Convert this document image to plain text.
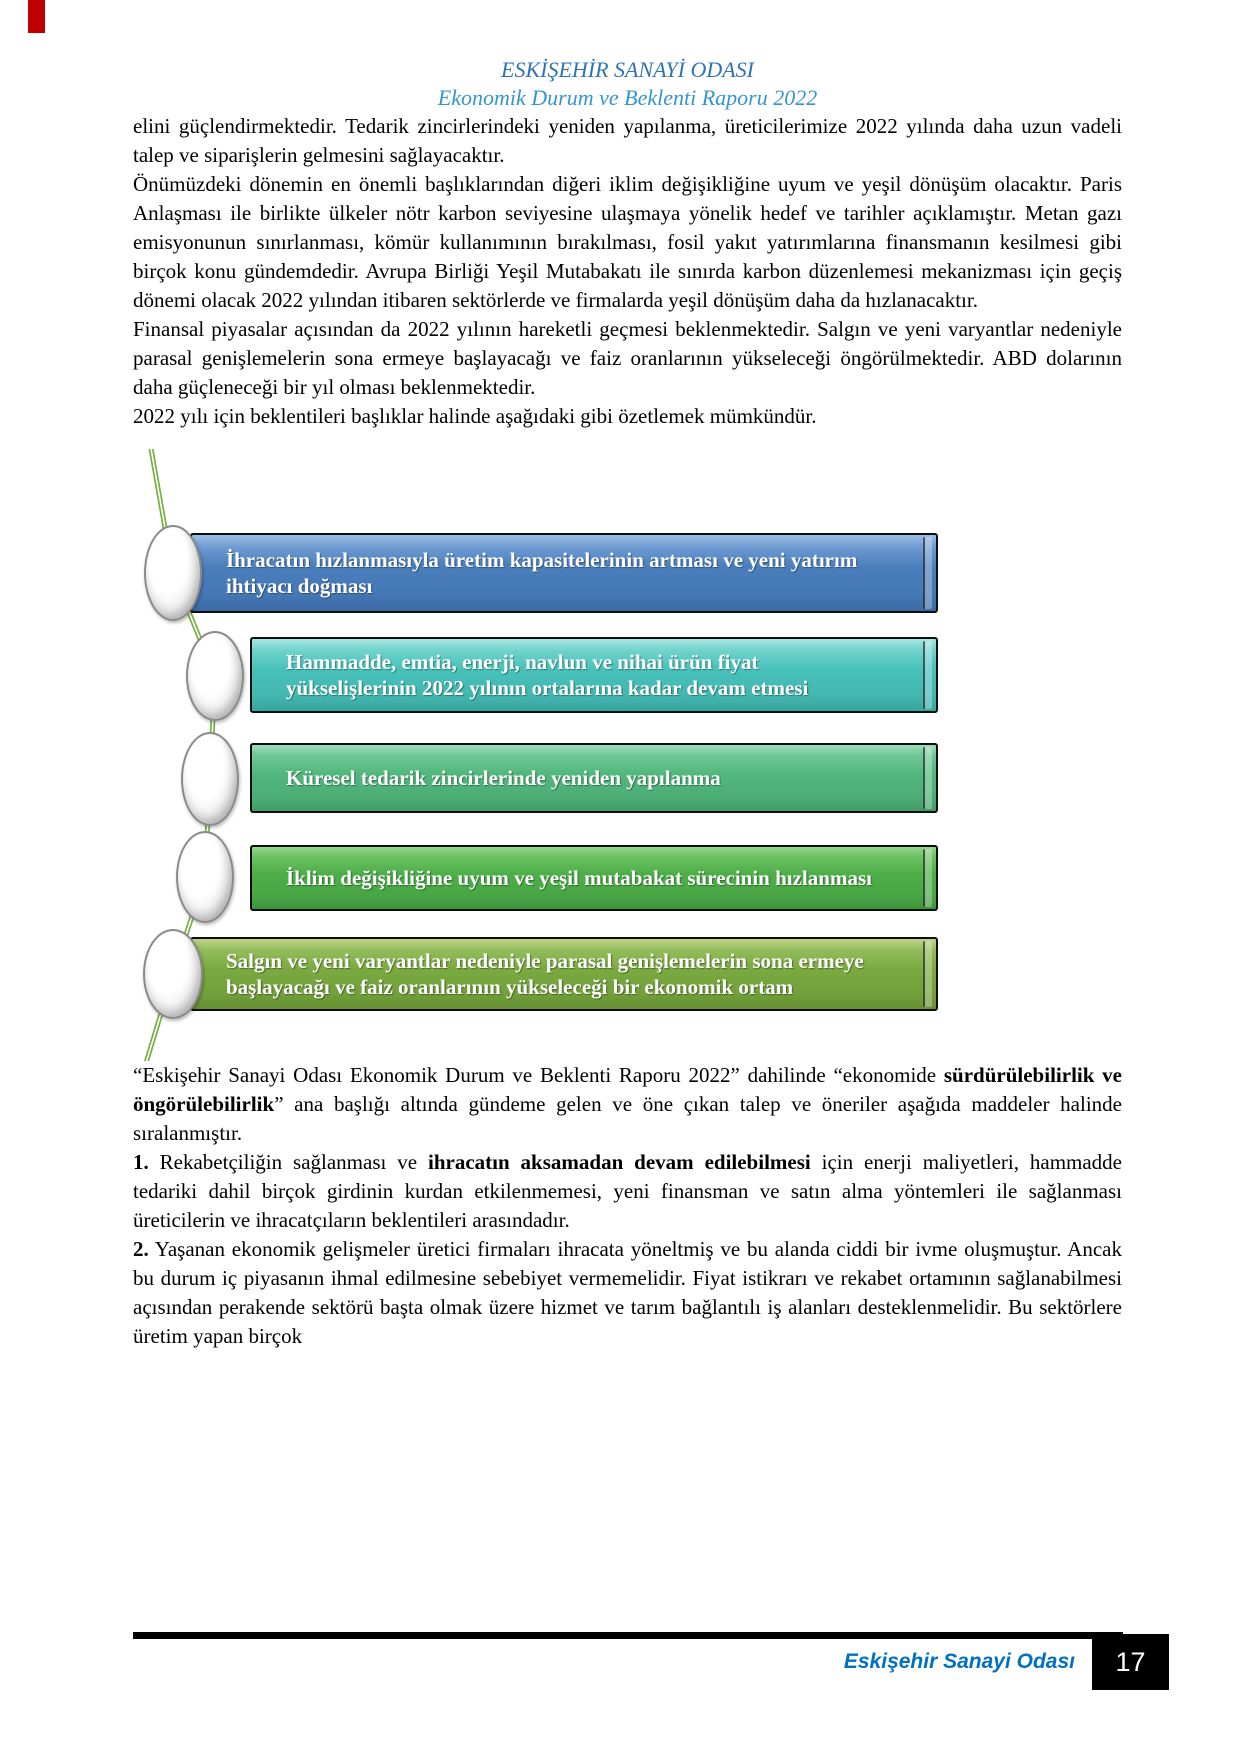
ESKİŞEHİR SANAYİ ODASI
Ekonomik Durum ve Beklenti Raporu 2022

elini güçlendirmektedir. Tedarik zincirlerindeki yeniden yapılanma, üreticilerimize 2022 yılında daha uzun vadeli talep ve siparişlerin gelmesini sağlayacaktır.

Önümüzdeki dönemin en önemli başlıklarından diğeri iklim değişikliğine uyum ve yeşil dönüşüm olacaktır. Paris Anlaşması ile birlikte ülkeler nötr karbon seviyesine ulaşmaya yönelik hedef ve tarihler açıklamıştır. Metan gazı emisyonunun sınırlanması, kömür kullanımının bırakılması, fosil yakıt yatırımlarına finansmanın kesilmesi gibi birçok konu gündemdedir. Avrupa Birliği Yeşil Mutabakatı ile sınırda karbon düzenlemesi mekanizması için geçiş dönemi olacak 2022 yılından itibaren sektörlerde ve firmalarda yeşil dönüşüm daha da hızlanacaktır.

Finansal piyasalar açısından da 2022 yılının hareketli geçmesi beklenmektedir. Salgın ve yeni varyantlar nedeniyle parasal genişlemelerin sona ermeye başlayacağı ve faiz oranlarının yükseleceği öngörülmektedir. ABD dolarının daha güçleneceği bir yıl olması beklenmektedir.

2022 yılı için beklentileri başlıklar halinde aşağıdaki gibi özetlemek mümkündür.

İhracatın hızlanmasıyla üretim kapasitelerinin artması ve yeni yatırım ihtiyacı doğması
Hammadde, emtia, enerji, navlun ve nihai ürün fiyat yükselişlerinin 2022 yılının ortalarına kadar devam etmesi
Küresel tedarik zincirlerinde yeniden yapılanma
İklim değişikliğine uyum ve yeşil mutabakat sürecinin hızlanması
Salgın ve yeni varyantlar nedeniyle parasal genişlemelerin sona ermeye başlayacağı ve faiz oranlarının yükseleceği bir ekonomik ortam

“Eskişehir Sanayi Odası Ekonomik Durum ve Beklenti Raporu 2022” dahilinde “ekonomide sürdürülebilirlik ve öngörülebilirlik” ana başlığı altında gündeme gelen ve öne çıkan talep ve öneriler aşağıda maddeler halinde sıralanmıştır.

1. Rekabetçiliğin sağlanması ve ihracatın aksamadan devam edilebilmesi için enerji maliyetleri, hammadde tedariki dahil birçok girdinin kurdan etkilenmemesi, yeni finansman ve satın alma yöntemleri ile sağlanması üreticilerin ve ihracatçıların beklentileri arasındadır.

2. Yaşanan ekonomik gelişmeler üretici firmaları ihracata yöneltmiş ve bu alanda ciddi bir ivme oluşmuştur. Ancak bu durum iç piyasanın ihmal edilmesine sebebiyet vermemelidir. Fiyat istikrarı ve rekabet ortamının sağlanabilmesi açısından perakende sektörü başta olmak üzere hizmet ve tarım bağlantılı iş alanları desteklenmelidir. Bu sektörlere üretim yapan birçok

Eskişehir Sanayi Odası 17
